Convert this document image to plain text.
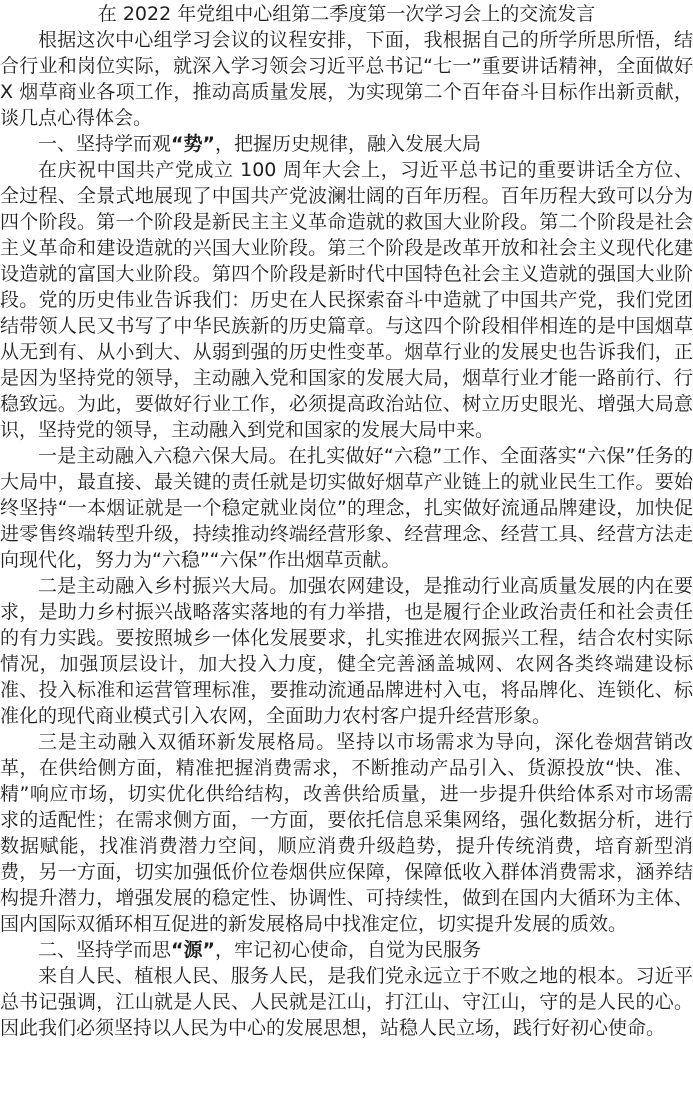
在 2022 年党组中心组第二季度第一次学习会上的交流发言

根据这次中心组学习会议的议程安排，下面，我根据自己的所学所思所悟，结合行业和岗位实际，就深入学习领会习近平总书记“七一”重要讲话精神，全面做好 X 烟草商业各项工作，推动高质量发展，为实现第二个百年奋斗目标作出新贡献，谈几点心得体会。

一、坚持学而观“势”，把握历史规律，融入发展大局

在庆祝中国共产党成立 100 周年大会上，习近平总书记的重要讲话全方位、全过程、全景式地展现了中国共产党波澜壮阔的百年历程。百年历程大致可以分为四个阶段。第一个阶段是新民主主义革命造就的救国大业阶段。第二个阶段是社会主义革命和建设造就的兴国大业阶段。第三个阶段是改革开放和社会主义现代化建设造就的富国大业阶段。第四个阶段是新时代中国特色社会主义造就的强国大业阶段。党的历史伟业告诉我们：历史在人民探索奋斗中造就了中国共产党，我们党团结带领人民又书写了中华民族新的历史篇章。与这四个阶段相伴相连的是中国烟草从无到有、从小到大、从弱到强的历史性变革。烟草行业的发展史也告诉我们，正是因为坚持党的领导，主动融入党和国家的发展大局，烟草行业才能一路前行、行稳致远。为此，要做好行业工作，必须提高政治站位、树立历史眼光、增强大局意识，坚持党的领导，主动融入到党和国家的发展大局中来。

一是主动融入六稳六保大局。在扎实做好“六稳”工作、全面落实“六保”任务的大局中，最直接、最关键的责任就是切实做好烟草产业链上的就业民生工作。要始终坚持“一本烟证就是一个稳定就业岗位”的理念，扎实做好流通品牌建设，加快促进零售终端转型升级，持续推动终端经营形象、经营理念、经营工具、经营方法走向现代化，努力为“六稳”“六保”作出烟草贡献。

二是主动融入乡村振兴大局。加强农网建设，是推动行业高质量发展的内在要求，是助力乡村振兴战略落实落地的有力举措，也是履行企业政治责任和社会责任的有力实践。要按照城乡一体化发展要求，扎实推进农网振兴工程，结合农村实际情况，加强顶层设计，加大投入力度，健全完善涵盖城网、农网各类终端建设标准、投入标准和运营管理标准，要推动流通品牌进村入屯，将品牌化、连锁化、标准化的现代商业模式引入农网，全面助力农村客户提升经营形象。

三是主动融入双循环新发展格局。坚持以市场需求为导向，深化卷烟营销改革，在供给侧方面，精准把握消费需求，不断推动产品引入、货源投放“快、准、精”响应市场，切实优化供给结构，改善供给质量，进一步提升供给体系对市场需求的适配性；在需求侧方面，一方面，要依托信息采集网络，强化数据分析，进行数据赋能，找准消费潜力空间，顺应消费升级趋势，提升传统消费，培育新型消费，另一方面，切实加强低价位卷烟供应保障，保障低收入群体消费需求，涵养结构提升潜力，增强发展的稳定性、协调性、可持续性，做到在国内大循环为主体、国内国际双循环相互促进的新发展格局中找准定位，切实提升发展的质效。

二、坚持学而思“源”，牢记初心使命，自觉为民服务

来自人民、植根人民、服务人民，是我们党永远立于不败之地的根本。习近平总书记强调，江山就是人民、人民就是江山，打江山、守江山，守的是人民的心。因此我们必须坚持以人民为中心的发展思想，站稳人民立场，践行好初心使命。
